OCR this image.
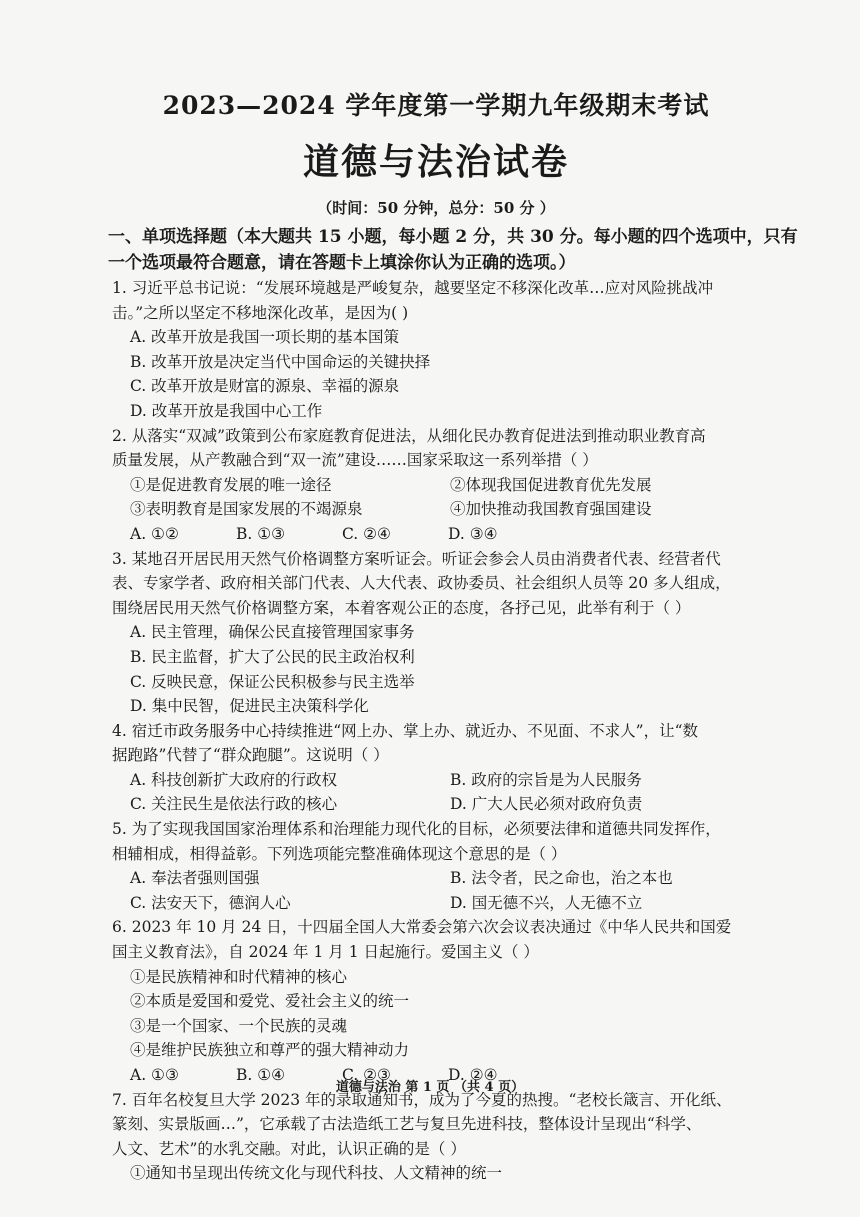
2023—2024 学年度第一学期九年级期末考试
道德与法治试卷
（时间：50 分钟，总分：50 分 ）
一、单项选择题（本大题共 15 小题，每小题 2 分，共 30 分。每小题的四个选项中，只有
一个选项最符合题意，请在答题卡上填涂你认为正确的选项。）
1. 习近平总书记说：“发展环境越是严峻复杂，越要坚定不移深化改革…应对风险挑战冲
击。”之所以坚定不移地深化改革，是因为( )
A. 改革开放是我国一项长期的基本国策
B. 改革开放是决定当代中国命运的关键抉择
C. 改革开放是财富的源泉、幸福的源泉
D. 改革开放是我国中心工作
2. 从落实“双减”政策到公布家庭教育促进法，从细化民办教育促进法到推动职业教育高
质量发展，从产教融合到“双一流”建设……国家采取这一系列举措（ ）
①是促进教育发展的唯一途径	②体现我国促进教育优先发展
③表明教育是国家发展的不竭源泉	④加快推动我国教育强国建设
A. ①②	B. ①③	C. ②④	D. ③④
3. 某地召开居民用天然气价格调整方案听证会。听证会参会人员由消费者代表、经营者代
表、专家学者、政府相关部门代表、人大代表、政协委员、社会组织人员等 20 多人组成，
围绕居民用天然气价格调整方案，本着客观公正的态度，各抒己见，此举有利于（ ）
A. 民主管理，确保公民直接管理国家事务
B. 民主监督，扩大了公民的民主政治权利
C. 反映民意，保证公民积极参与民主选举
D. 集中民智，促进民主决策科学化
4. 宿迁市政务服务中心持续推进“网上办、掌上办、就近办、不见面、不求人”，让“数
据跑路”代替了“群众跑腿”。这说明（ ）
A. 科技创新扩大政府的行政权	B. 政府的宗旨是为人民服务
C. 关注民生是依法行政的核心	D. 广大人民必须对政府负责
5. 为了实现我国国家治理体系和治理能力现代化的目标，必须要法律和道德共同发挥作，
相辅相成，相得益彰。下列选项能完整准确体现这个意思的是（ ）
A. 奉法者强则国强	B. 法令者，民之命也，治之本也
C. 法安天下，德润人心	D. 国无德不兴，人无德不立
6. 2023 年 10 月 24 日，十四届全国人大常委会第六次会议表决通过《中华人民共和国爱
国主义教育法》，自 2024 年 1 月 1 日起施行。爱国主义（ ）
①是民族精神和时代精神的核心
②本质是爱国和爱党、爱社会主义的统一
③是一个国家、一个民族的灵魂
④是维护民族独立和尊严的强大精神动力
A. ①③	B. ①④	C. ②③	D. ②④
7. 百年名校复旦大学 2023 年的录取通知书，成为了今夏的热搜。“老校长箴言、开化纸、
篆刻、实景版画…”，它承载了古法造纸工艺与复旦先进科技，整体设计呈现出“科学、
人文、艺术”的水乳交融。对此，认识正确的是（ ）
①通知书呈现出传统文化与现代科技、人文精神的统一
道德与法治 第 1 页 （共 4 页）
